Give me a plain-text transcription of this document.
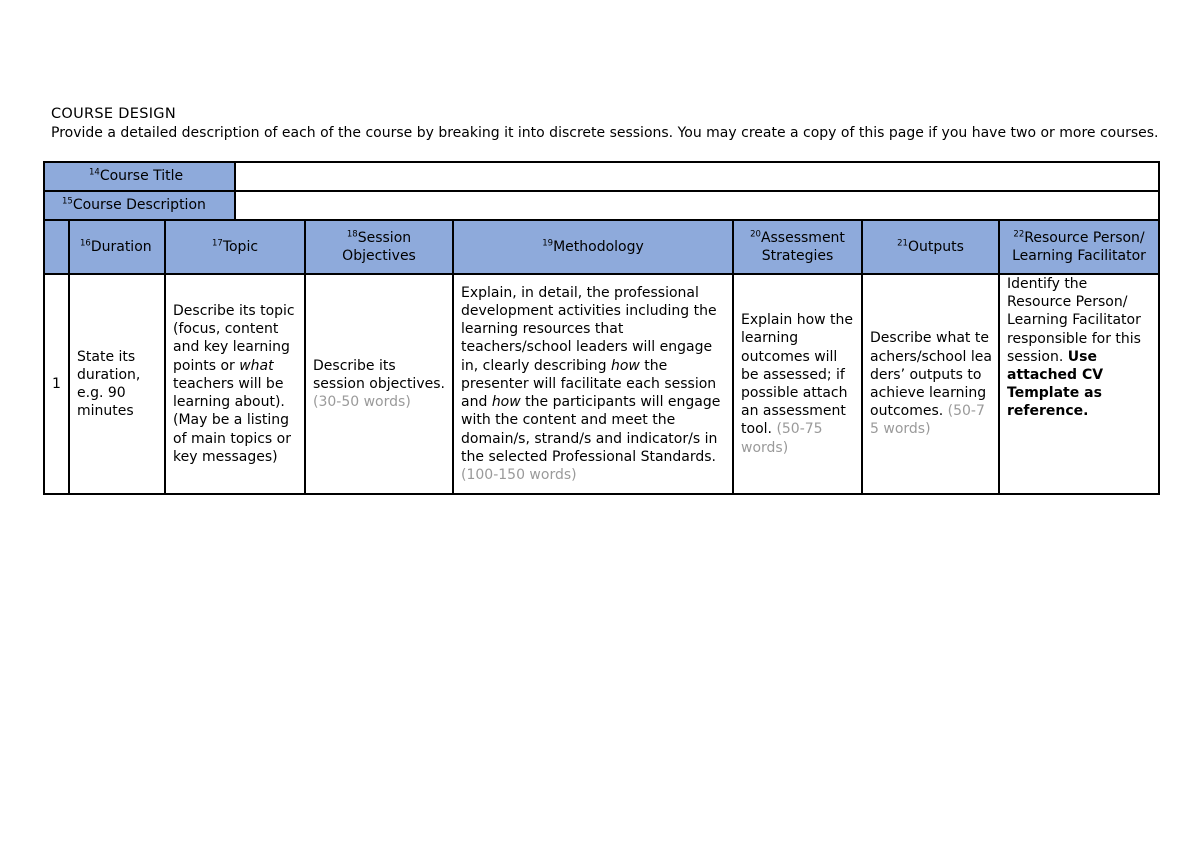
COURSE DESIGN
Provide a detailed description of each of the course by breaking it into discrete sessions. You may create a copy of this page if you have two or more courses.
$^{14}$Course Title								

$^{15}$Course Description								

	$^{16}$Duration	$^{17}$Topic		$^{18}$Session Objectives	$^{19}$Methodology	$^{20}$Assessment Strategies	$^{21}$Outputs	$^{22}$Resource Person/ Learning Facilitator

1	State its duration, e.g. 90 minutes	Describe its topic (focus, content and key learning points or what teachers will be learning about). (May be a listing of main topics or key messages)		Describe its session objectives. (30-50 words)	Explain, in detail, the professional development activities including the learning resources that teachers/school leaders will engage in, clearly describing how the presenter will facilitate each session and how the participants will engage with the content and meet the domain/s, strand/s and indicator/s in the selected Professional Standards. (100-150 words)	Explain how the learning outcomes will be assessed; if possible attach an assessment tool. (50-75 words)	Describe what teachers/school leaders’ outputs to achieve learning outcomes. (50-75 words)	Identify the Resource Person/ Learning Facilitator responsible for this session. Use attached CV Template as reference.
